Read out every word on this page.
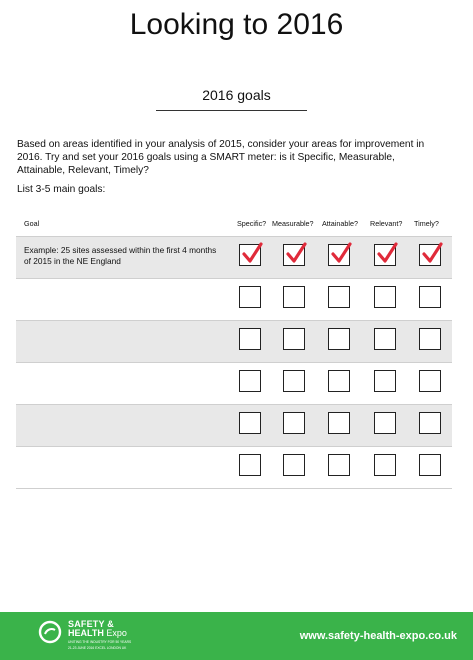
Looking to 2016
2016 goals

Based on areas identified in your analysis of 2015, consider your areas for improvement in 2016. Try and set your 2016 goals using a SMART meter: is it Specific, Measurable, Attainable, Relevant, Timely?

List 3-5 main goals:

Goal	Specific? Measurable? Attainable? Relevant? Timely?

Example: 25 sites assessed within the first 4 months of 2015 in the NE England

SAFETY &
HEALTH Expo
UNITING THE INDUSTRY FOR 50 YEARS
21-23 JUNE 2016 EXCEL LONDON UK
www.safety-health-expo.co.uk
